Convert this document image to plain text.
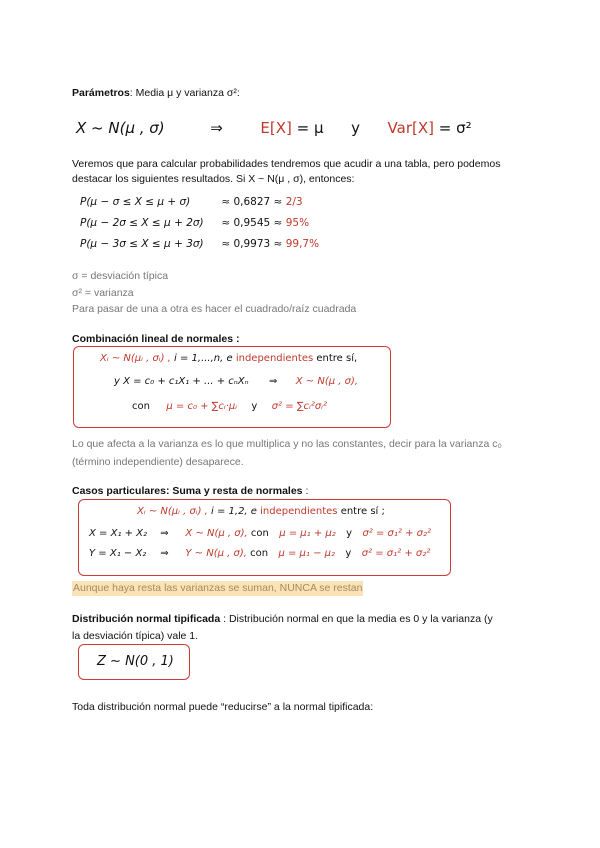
Parámetros: Media μ y varianza σ²:
X ~ N(μ , σ)	⇒	E[X] = μ y Var[X] = σ²
Veremos que para calcular probabilidades tendremos que acudir a una tabla, pero podemos
destacar los siguientes resultados. Si X ~ N(μ , σ), entonces:
P(μ − σ ≤ X ≤ μ + σ)	≈ 0,6827 ≈ 2/3
P(μ − 2σ ≤ X ≤ μ + 2σ) ≈ 0,9545 ≈ 95%
P(μ − 3σ ≤ X ≤ μ + 3σ) ≈ 0,9973 ≈ 99,7%
σ = desviación típica
σ² = varianza
Para pasar de una a otra es hacer el cuadrado/raíz cuadrada
Combinación lineal de normales :
Xᵢ ~ N(μᵢ , σᵢ) , i = 1,...,n, e independientes entre sí,
y X = c₀ + c₁X₁ + ... + cₙXₙ ⇒ X ~ N(μ , σ),
con μ = c₀ + ∑cᵢ·μᵢ y σ² = ∑cᵢ²σᵢ²
Lo que afecta a la varianza es lo que multiplica y no las constantes, decir para la varianza c₀
(término independiente) desaparece.
Casos particulares: Suma y resta de normales :
Xᵢ ~ N(μᵢ , σᵢ) , i = 1,2, e independientes entre sí ;
X = X₁ + X₂ ⇒ X ~ N(μ , σ), con μ = μ₁ + μ₂ y σ² = σ₁² + σ₂²
Y = X₁ − X₂ ⇒ Y ~ N(μ , σ), con μ = μ₁ − μ₂ y σ² = σ₁² + σ₂²
Aunque haya resta las varianzas se suman, NUNCA se restan
Distribución normal tipificada : Distribución normal en que la media es 0 y la varianza (y
la desviación típica) vale 1.
Z ~ N(0 , 1)
Toda distribución normal puede “reducirse” a la normal tipificada:
